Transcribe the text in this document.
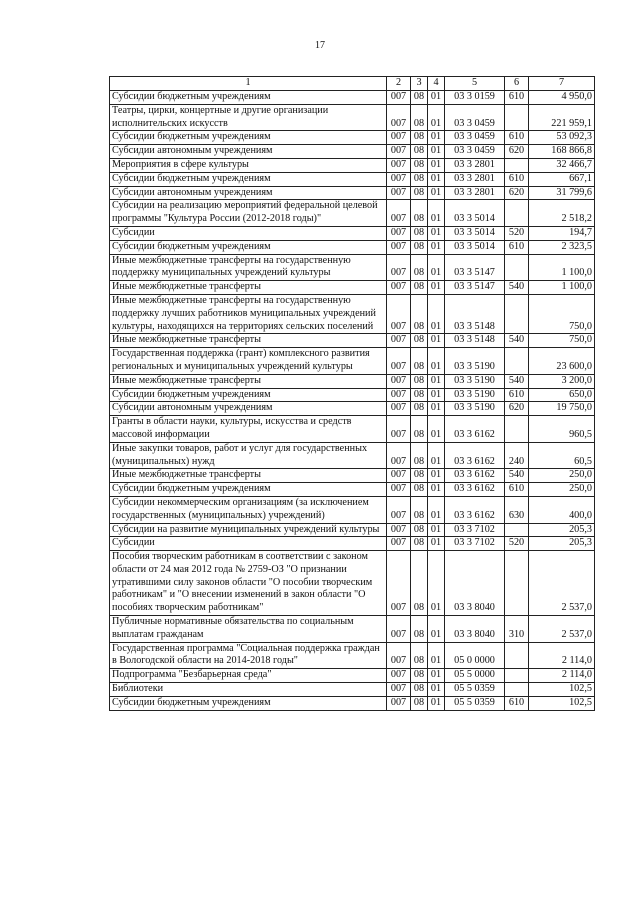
17
1	2	3	4	5	6	7
Субсидии бюджетным учреждениям	007	08	01	03 3 0159	610	4 950,0
Театры, цирки, концертные и другие организации исполнительских искусств	007	08	01	03 3 0459		221 959,1
Субсидии бюджетным учреждениям	007	08	01	03 3 0459	610	53 092,3
Субсидии автономным учреждениям	007	08	01	03 3 0459	620	168 866,8
Мероприятия в сфере культуры	007	08	01	03 3 2801		32 466,7
Субсидии бюджетным учреждениям	007	08	01	03 3 2801	610	667,1
Субсидии автономным учреждениям	007	08	01	03 3 2801	620	31 799,6
Субсидии на реализацию мероприятий федеральной целевой программы "Культура России (2012-2018 годы)"	007	08	01	03 3 5014		2 518,2
Субсидии	007	08	01	03 3 5014	520	194,7
Субсидии бюджетным учреждениям	007	08	01	03 3 5014	610	2 323,5
Иные межбюджетные трансферты на государственную поддержку муниципальных учреждений культуры	007	08	01	03 3 5147		1 100,0
Иные межбюджетные трансферты	007	08	01	03 3 5147	540	1 100,0
Иные межбюджетные трансферты на государственную поддержку лучших работников муниципальных учреждений культуры, находящихся на территориях сельских поселений	007	08	01	03 3 5148		750,0
Иные межбюджетные трансферты	007	08	01	03 3 5148	540	750,0
Государственная поддержка (грант) комплексного развития региональных и муниципальных учреждений культуры	007	08	01	03 3 5190		23 600,0
Иные межбюджетные трансферты	007	08	01	03 3 5190	540	3 200,0
Субсидии бюджетным учреждениям	007	08	01	03 3 5190	610	650,0
Субсидии автономным учреждениям	007	08	01	03 3 5190	620	19 750,0
Гранты в области науки, культуры, искусства и средств массовой информации	007	08	01	03 3 6162		960,5
Иные закупки товаров, работ и услуг для государственных (муниципальных) нужд	007	08	01	03 3 6162	240	60,5
Иные межбюджетные трансферты	007	08	01	03 3 6162	540	250,0
Субсидии бюджетным учреждениям	007	08	01	03 3 6162	610	250,0
Субсидии некоммерческим организациям (за исключением государственных (муниципальных) учреждений)	007	08	01	03 3 6162	630	400,0
Субсидии на развитие муниципальных учреждений культуры	007	08	01	03 3 7102		205,3
Субсидии	007	08	01	03 3 7102	520	205,3
Пособия творческим работникам в соответствии с законом области от 24 мая 2012 года № 2759-ОЗ "О признании утратившими силу законов области "О пособии творческим работникам" и "О внесении изменений в закон области "О пособиях творческим работникам"	007	08	01	03 3 8040		2 537,0
Публичные нормативные обязательства по социальным выплатам гражданам	007	08	01	03 3 8040	310	2 537,0
Государственная программа "Социальная поддержка граждан в Вологодской области на 2014-2018 годы"	007	08	01	05 0 0000		2 114,0
Подпрограмма "Безбарьерная среда"	007	08	01	05 5 0000		2 114,0
Библиотеки	007	08	01	05 5 0359		102,5
Субсидии бюджетным учреждениям	007	08	01	05 5 0359	610	102,5
